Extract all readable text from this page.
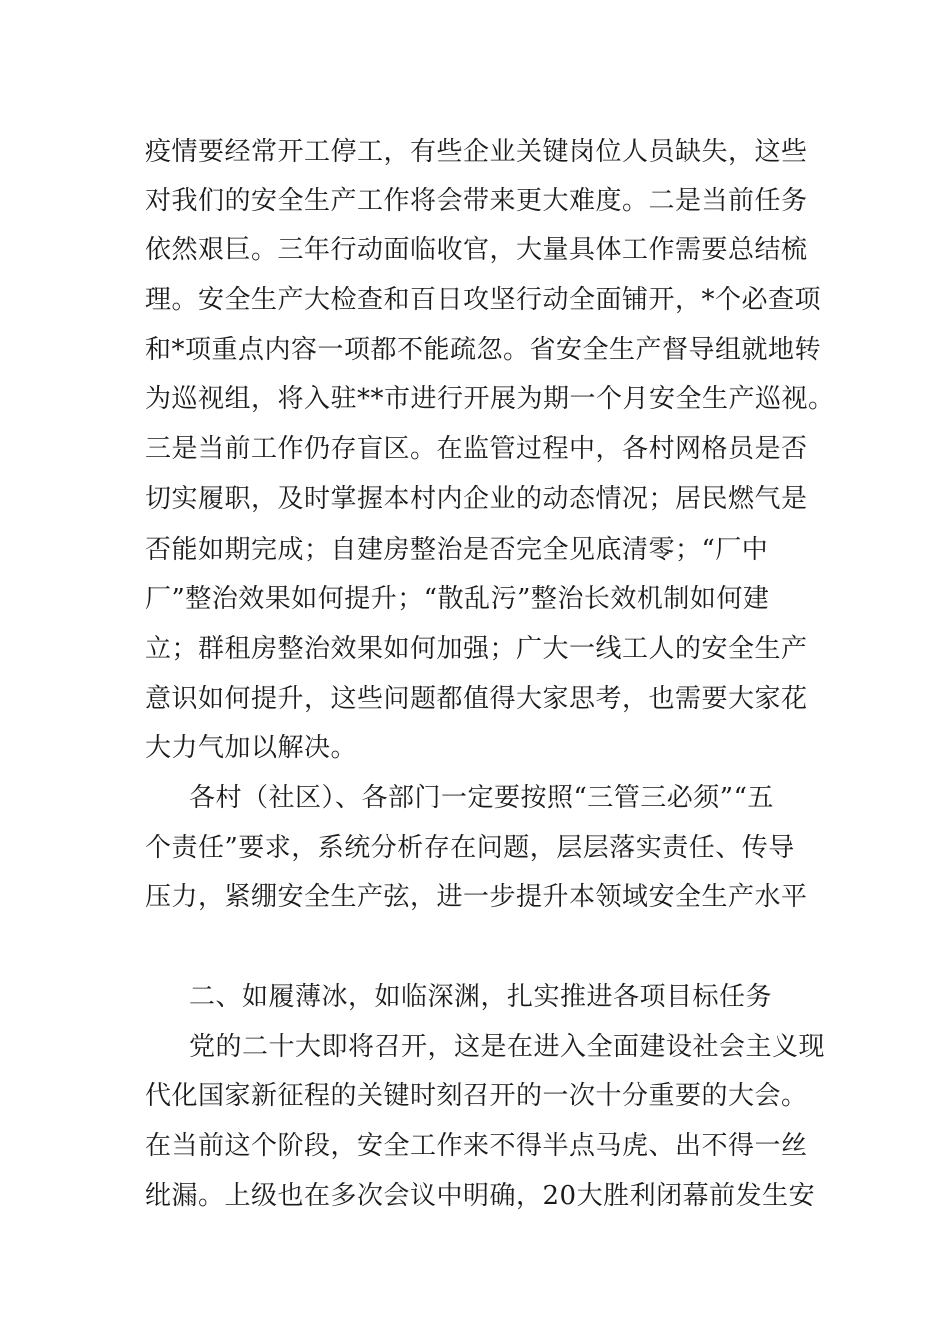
疫情要经常开工停工，有些企业关键岗位人员缺失，这些
对我们的安全生产工作将会带来更大难度。二是当前任务
依然艰巨。三年行动面临收官，大量具体工作需要总结梳
理。安全生产大检查和百日攻坚行动全面铺开，*个必查项
和*项重点内容一项都不能疏忽。省安全生产督导组就地转
为巡视组，将入驻**市进行开展为期一个月安全生产巡视。
三是当前工作仍存盲区。在监管过程中，各村网格员是否
切实履职，及时掌握本村内企业的动态情况；居民燃气是
否能如期完成；自建房整治是否完全见底清零；“厂中
厂”整治效果如何提升；“散乱污”整治长效机制如何建
立；群租房整治效果如何加强；广大一线工人的安全生产
意识如何提升，这些问题都值得大家思考，也需要大家花
大力气加以解决。
各村（社区）、各部门一定要按照“三管三必须”“五
个责任”要求，系统分析存在问题，层层落实责任、传导
压力，紧绷安全生产弦，进一步提升本领域安全生产水平
二、如履薄冰，如临深渊，扎实推进各项目标任务
党的二十大即将召开，这是在进入全面建设社会主义现
代化国家新征程的关键时刻召开的一次十分重要的大会。
在当前这个阶段，安全工作来不得半点马虎、出不得一丝
纰漏。上级也在多次会议中明确，20大胜利闭幕前发生安
